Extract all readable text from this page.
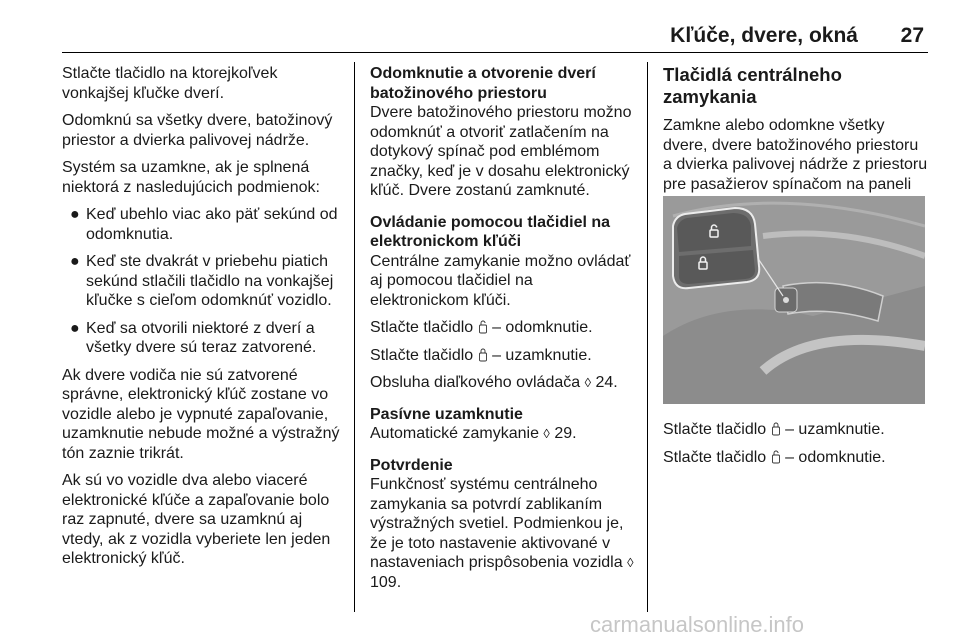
Kľúče, dvere, okná 27

Stlačte tlačidlo na ktorejkoľvek vonkajšej kľučke dverí.

Odomknú sa všetky dvere, batožinový priestor a dvierka palivovej nádrže.

Systém sa uzamkne, ak je splnená niektorá z nasledujúcich podmienok:

● Keď ubehlo viac ako päť sekúnd od odomknutia.
● Keď ste dvakrát v priebehu piatich sekúnd stlačili tlačidlo na vonkajšej kľučke s cieľom odomknúť vozidlo.
● Keď sa otvorili niektoré z dverí a všetky dvere sú teraz zatvorené.

Ak dvere vodiča nie sú zatvorené správne, elektronický kľúč zostane vo vozidle alebo je vypnuté zapaľovanie, uzamknutie nebude možné a výstražný tón zaznie trikrát.

Ak sú vo vozidle dva alebo viaceré elektronické kľúče a zapaľovanie bolo raz zapnuté, dvere sa uzamknú aj vtedy, ak z vozidla vyberiete len jeden elektronický kľúč.

Odomknutie a otvorenie dverí batožinového priestoru

Dvere batožinového priestoru možno odomknúť a otvoriť zatlačením na dotykový spínač pod emblémom značky, keď je v dosahu elektronický kľúč. Dvere zostanú zamknuté.

Ovládanie pomocou tlačidiel na elektronickom kľúči

Centrálne zamykanie možno ovládať aj pomocou tlačidiel na elektronickom kľúči.

Stlačte tlačidlo – odomknutie.

Stlačte tlačidlo – uzamknutie.

Obsluha diaľkového ovládača ◊ 24.

Pasívne uzamknutie

Automatické zamykanie ◊ 29.

Potvrdenie

Funkčnosť systému centrálneho zamykania sa potvrdí zablikaním výstražných svetiel. Podmienkou je, že je toto nastavenie aktivované v nastaveniach prispôsobenia vozidla ◊ 109.

Tlačidlá centrálneho zamykania

Zamkne alebo odomkne všetky dvere, dvere batožinového priestoru a dvierka palivovej nádrže z priestoru pre pasažierov spínačom na paneli

Stlačte tlačidlo – uzamknutie.

Stlačte tlačidlo – odomknutie.

carmanualsonline.info
